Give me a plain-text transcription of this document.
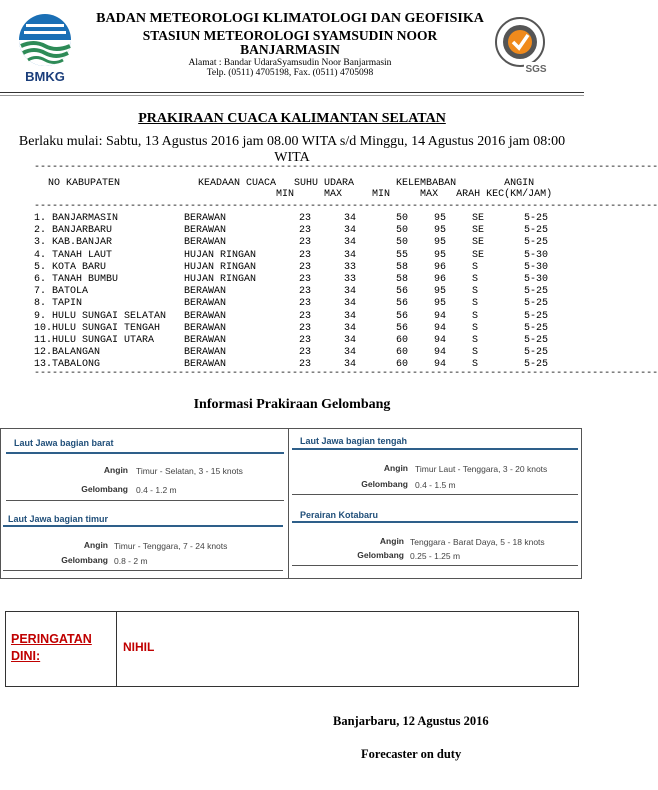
BMKG
BADAN METEOROLOGI KLIMATOLOGI DAN GEOFISIKA
STASIUN METEOROLOGI SYAMSUDIN NOOR
BANJARMASIN
Alamat : Bandar UdaraSyamsudin Noor Banjarmasin
Telp. (0511) 4705198, Fax. (0511) 4705098	SGS
PRAKIRAAN CUACA KALIMANTAN SELATAN
Berlaku mulai: Sabtu, 13 Agustus 2016 jam 08.00 WITA s/d Minggu, 14 Agustus 2016 jam 08:00 WITA
--------------------------------------------------------------------------------------------------------
NO KABUPATEN             KEADAAN CUACA   SUHU UDARA       KELEMBABAN        ANGIN
MIN     MAX     MIN     MAX   ARAH KEC(KM/JAM)
--------------------------------------------------------------------------------------------------------
1. BANJARMASIN	BERAWAN	23	34	50	95	SE	5-25
2. BANJARBARU	BERAWAN	23	34	50	95	SE	5-25
3. KAB.BANJAR	BERAWAN	23	34	50	95	SE	5-25
4. TANAH LAUT	HUJAN RINGAN	23	34	55	95	SE	5-30
5. KOTA BARU	HUJAN RINGAN	23	33	58	96	S	5-30
6. TANAH BUMBU	HUJAN RINGAN	23	33	58	96	S	5-30
7. BATOLA	BERAWAN	23	34	56	95	S	5-25
8. TAPIN	BERAWAN	23	34	56	95	S	5-25
9. HULU SUNGAI SELATAN BERAWAN	23	34	56	94	S	5-25
10.HULU SUNGAI TENGAH BERAWAN	23	34	56	94	S	5-25
11.HULU SUNGAI UTARA	BERAWAN	23	34	60	94	S	5-25
12.BALANGAN	BERAWAN	23	34	60	94	S	5-25
13.TABALONG	BERAWAN	23	34	60	94	S	5-25
--------------------------------------------------------------------------------------------------------
Informasi Prakiraan Gelombang
Laut Jawa bagian barat
Angin Timur - Selatan, 3 - 15 knots
Gelombang 0.4 - 1.2 m
Laut Jawa bagian tengah
Angin Timur Laut - Tenggara, 3 - 20 knots
Gelombang 0.4 - 1.5 m
Laut Jawa bagian timur
Angin Timur - Tenggara, 7 - 24 knots
Gelombang 0.8 - 2 m
Perairan Kotabaru
Angin Tenggara - Barat Daya, 5 - 18 knots
Gelombang 0.25 - 1.25 m
PERINGATAN
DINI:
NIHIL
Banjarbaru, 12 Agustus 2016
Forecaster on duty
